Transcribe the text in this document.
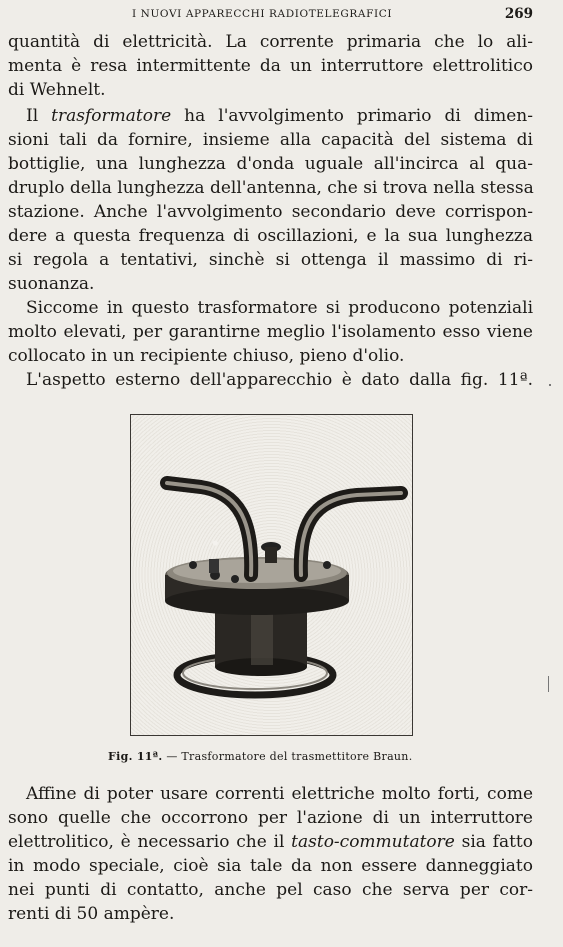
I NUOVI APPARECCHI RADIOTELEGRAFICI	269

quantità di elettricità. La corrente primaria che lo ali-
menta è resa intermittente da un interruttore elettrolitico
di Wehnelt.

Il trasformatore ha l'avvolgimento primario di dimen-
sioni tali da fornire, insieme alla capacità del sistema di
bottiglie, una lunghezza d'onda uguale all'incirca al qua-
druplo della lunghezza dell'antenna, che si trova nella stessa
stazione. Anche l'avvolgimento secondario deve corrispon-
dere a questa frequenza di oscillazioni, e la sua lunghezza
si regola a tentativi, sinchè si ottenga il massimo di ri-
suonanza.

Siccome in questo trasformatore si producono potenziali
molto elevati, per garantirne meglio l'isolamento esso viene
collocato in un recipiente chiuso, pieno d'olio.

L'aspetto esterno dell'apparecchio è dato dalla fig. 11ª.

Fig. 11ª. — Trasformatore del trasmettitore Braun.

Affine di poter usare correnti elettriche molto forti, come
sono quelle che occorrono per l'azione di un interruttore
elettrolitico, è necessario che il tasto-commutatore sia fatto
in modo speciale, cioè sia tale da non essere danneggiato
nei punti di contatto, anche pel caso che serva per cor-
renti di 50 ampère.
